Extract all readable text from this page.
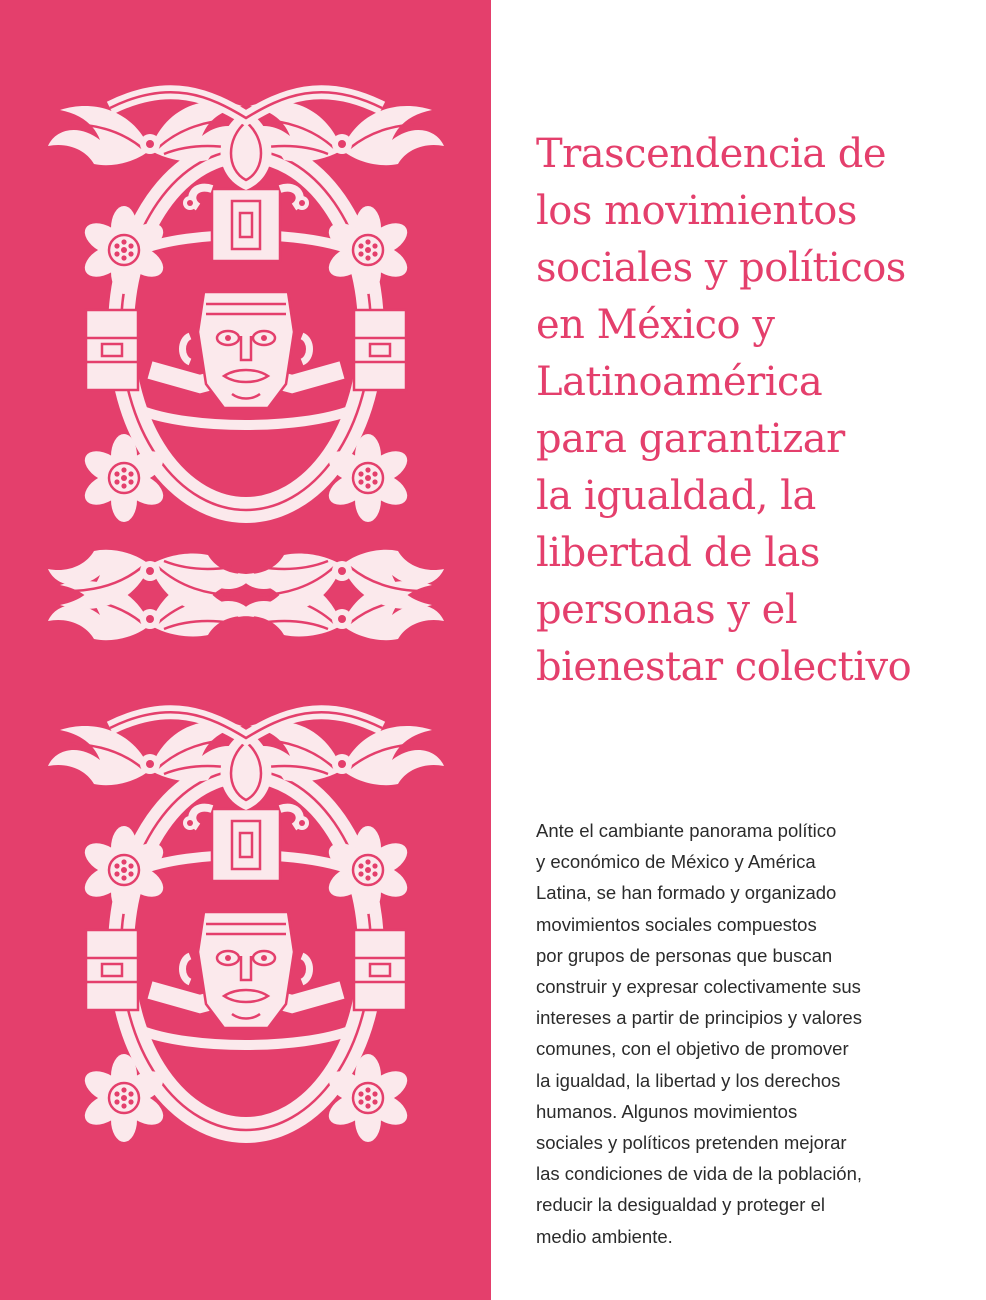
Trascendencia de
los movimientos
sociales y políticos
en México y
Latinoamérica
para garantizar
la igualdad, la
libertad de las
personas y el
bienestar colectivo
Ante el cambiante panorama político
y económico de México y América
Latina, se han formado y organizado
movimientos sociales compuestos
por grupos de personas que buscan
construir y expresar colectivamente sus
intereses a partir de principios y valores
comunes, con el objetivo de promover
la igualdad, la libertad y los derechos
humanos. Algunos movimientos
sociales y políticos pretenden mejorar
las condiciones de vida de la población,
reducir la desigualdad y proteger el
medio ambiente.
